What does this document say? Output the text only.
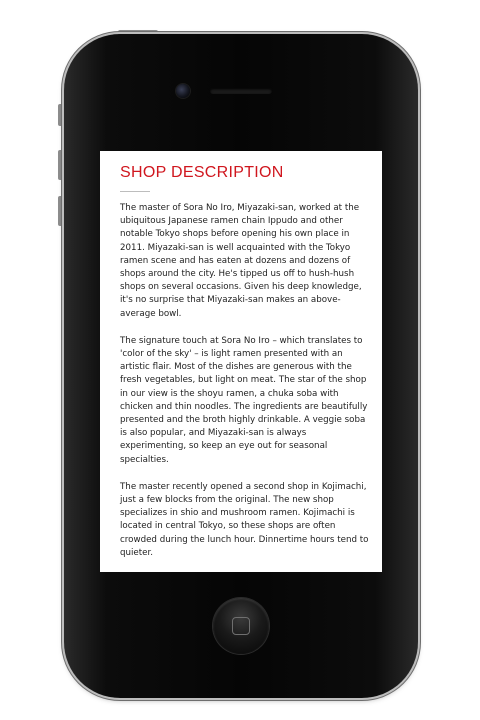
SHOP DESCRIPTION

The master of Sora No Iro, Miyazaki-san, worked at the ubiquitous Japanese ramen chain Ippudo and other notable Tokyo shops before opening his own place in 2011. Miyazaki-san is well acquainted with the Tokyo ramen scene and has eaten at dozens and dozens of shops around the city. He's tipped us off to hush-hush shops on several occasions. Given his deep knowledge, it's no surprise that Miyazaki-san makes an above-average bowl.

The signature touch at Sora No Iro – which translates to 'color of the sky' – is light ramen presented with an artistic flair. Most of the dishes are generous with the fresh vegetables, but light on meat. The star of the shop in our view is the shoyu ramen, a chuka soba with chicken and thin noodles. The ingredients are beautifully presented and the broth highly drinkable. A veggie soba is also popular, and Miyazaki-san is always experimenting, so keep an eye out for seasonal specialties.

The master recently opened a second shop in Kojimachi, just a few blocks from the original. The new shop specializes in shio and mushroom ramen. Kojimachi is located in central Tokyo, so these shops are often crowded during the lunch hour. Dinnertime hours tend to quieter.
